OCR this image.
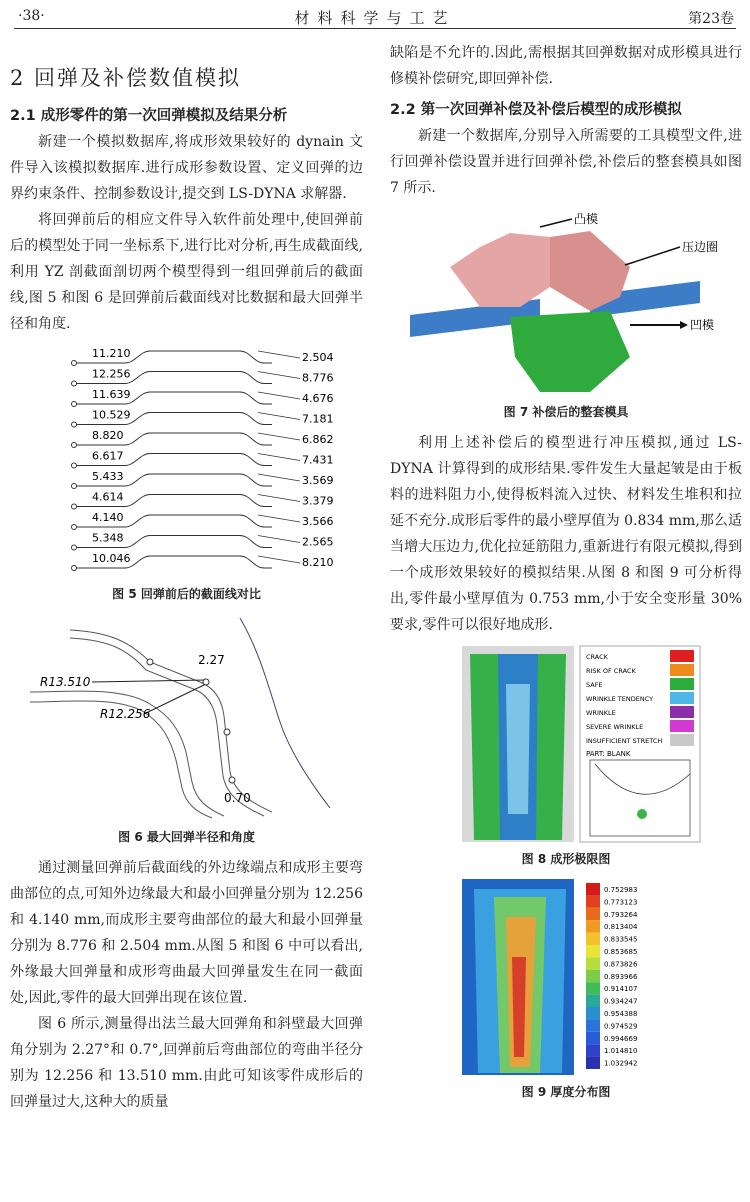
·38·	材料科学与工艺	第23卷
2 回弹及补偿数值模拟
2.1 成形零件的第一次回弹模拟及结果分析

新建一个模拟数据库,将成形效果较好的 dynain 文件导入该模拟数据库.进行成形参数设置、定义回弹的边界约束条件、控制参数设计,提交到 LS-DYNA 求解器.

将回弹前后的相应文件导入软件前处理中,使回弹前后的模型处于同一坐标系下,进行比对分析,再生成截面线,利用 YZ 剖截面剖切两个模型得到一组回弹前后的截面线,图 5 和图 6 是回弹前后截面线对比数据和最大回弹半径和角度.

11.210	2.504
12.256	8.776
11.639	4.676
10.529	7.181
8.820	6.862
6.617	7.431
5.433	3.569
4.614	3.379
4.140	3.566
5.348	2.565
10.046	8.210
图 5 回弹前后的截面线对比
2.27
R13.510
R12.256
0.70
图 6 最大回弹半径和角度

通过测量回弹前后截面线的外边缘端点和成形主要弯曲部位的点,可知外边缘最大和最小回弹量分别为 12.256 和 4.140 mm,而成形主要弯曲部位的最大和最小回弹量分别为 8.776 和 2.504 mm.从图 5 和图 6 中可以看出,外缘最大回弹量和成形弯曲最大回弹量发生在同一截面处,因此,零件的最大回弹出现在该位置.

图 6 所示,测量得出法兰最大回弹角和斜壁最大回弹角分别为 2.27°和 0.7°,回弹前后弯曲部位的弯曲半径分别为 12.256 和 13.510 mm.由此可知该零件成形后的回弹量过大,这种大的质量

缺陷是不允许的.因此,需根据其回弹数据对成形模具进行修模补偿研究,即回弹补偿.

2.2 第一次回弹补偿及补偿后模型的成形模拟

新建一个数据库,分别导入所需要的工具模型文件,进行回弹补偿设置并进行回弹补偿,补偿后的整套模具如图 7 所示.

凸模
压边圈
凹模
图 7 补偿后的整套模具

利用上述补偿后的模型进行冲压模拟,通过 LS-DYNA 计算得到的成形结果.零件发生大量起皱是由于板料的进料阻力小,使得板料流入过快、材料发生堆积和拉延不充分.成形后零件的最小壁厚值为 0.834 mm,那么适当增大压边力,优化拉延筋阻力,重新进行有限元模拟,得到一个成形效果较好的模拟结果.从图 8 和图 9 可分析得出,零件最小壁厚值为 0.753 mm,小于安全变形量 30%要求,零件可以很好地成形.

CRACK
RISK OF CRACK
SAFE
WRINKLE TENDENCY
WRINKLE
SEVERE WRINKLE
INSUFFICIENT STRETCH
PART: BLANK
图 8 成形极限图
0.752983
0.773123
0.793264
0.813404
0.833545
0.853685
0.873826
0.893966
0.914107
0.934247
0.954388
0.974529
0.994669
1.014810
1.032942
图 9 厚度分布图
